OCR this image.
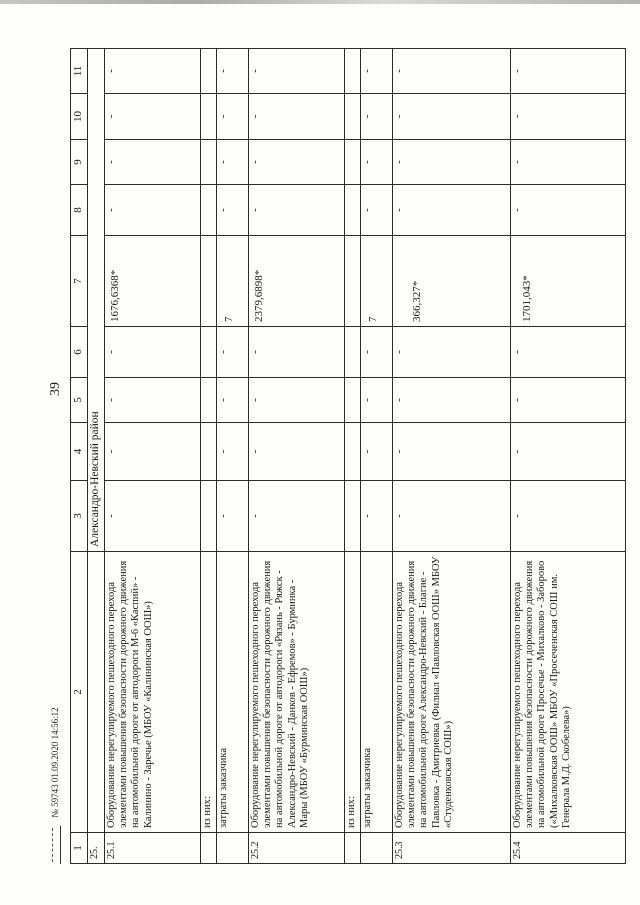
39
№ 59743 01.09.2020 14:56:12
1	2	3	4	5	6	7	8	9	10	11
25.		Александро-Невский район								
25.1	Оборудование нерегулируемого пешеходного перехода элементами повышения безопасности дорожного движения на автомобильной дороге от автодороги М-6 «Каспий» - Калинино - Заречье (МБОУ «Калининская ООШ»)	-	-	-	-	1676,6368*	-	-	-	-
	из них:									
	затраты заказчика	-	-	-	-	7	-	-	-	-
25.2	Оборудование нерегулируемого пешеходного перехода элементами повышения безопасности дорожного движения на автомобильной дороге от автодороги «Рязань - Ряжск - Александро-Невский - Данков - Ефремов» - Бурминка - Мары (МБОУ «Бурминская ООШ»)	-	-	-	-	2379,6898*	-	-	-	-
	из них:									
	затраты заказчика	-	-	-	-	7	-	-	-	-
25.3	Оборудование нерегулируемого пешеходного перехода элементами повышения безопасности дорожного движения на автомобильной дороге Александро-Невский - Благие - Павловка - Дмитриевка (Филиал «Павловская ООШ» МБОУ «Студенковская СОШ»)	-	-	-	-	366,327*	-	-	-	-
25.4	Оборудование нерегулируемого пешеходного перехода элементами повышения безопасности дорожного движения на автомобильной дороге Просечье - Михалково - Заборово («Михалковская ООШ» МБОУ «Просеченская СОШ им. Генерала М.Д. Скобелева»)	-	-	-	-	1701,043*	-	-	-	-
